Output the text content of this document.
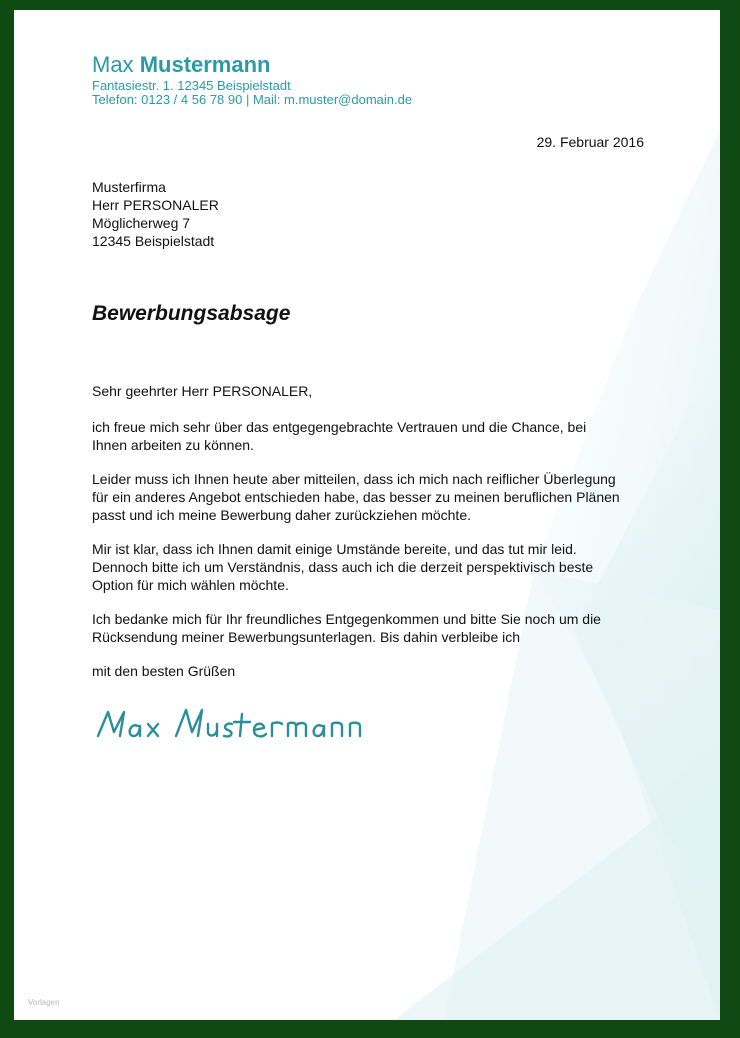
Max Mustermann
Fantasiestr. 1. 12345 Beispielstadt
Telefon: 0123 / 4 56 78 90 | Mail: m.muster@domain.de
29. Februar 2016
Musterfirma
Herr PERSONALER
Möglicherweg 7
12345 Beispielstadt
Bewerbungsabsage

Sehr geehrter Herr PERSONALER,

ich freue mich sehr über das entgegengebrachte Vertrauen und die Chance, bei
Ihnen arbeiten zu können.

Leider muss ich Ihnen heute aber mitteilen, dass ich mich nach reiflicher Überlegung
für ein anderes Angebot entschieden habe, das besser zu meinen beruflichen Plänen
passt und ich meine Bewerbung daher zurückziehen möchte.

Mir ist klar, dass ich Ihnen damit einige Umstände bereite, und das tut mir leid.
Dennoch bitte ich um Verständnis, dass auch ich die derzeit perspektivisch beste
Option für mich wählen möchte.

Ich bedanke mich für Ihr freundliches Entgegenkommen und bitte Sie noch um die
Rücksendung meiner Bewerbungsunterlagen. Bis dahin verbleibe ich

mit den besten Grüßen

Max Mustermann
Vorlagen
